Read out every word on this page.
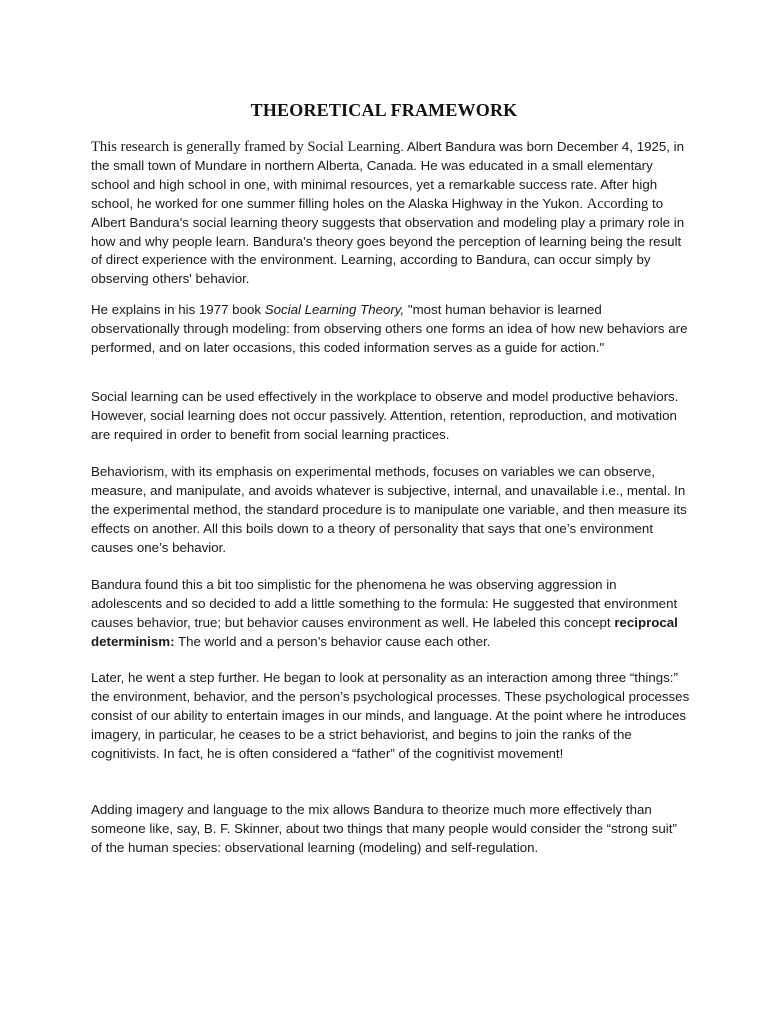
THEORETICAL FRAMEWORK

This research is generally framed by Social Learning. Albert Bandura was born December 4, 1925, in the small town of Mundare in northern Alberta, Canada. He was educated in a small elementary school and high school in one, with minimal resources, yet a remarkable success rate. After high school, he worked for one summer filling holes on the Alaska Highway in the Yukon. According to Albert Bandura's social learning theory suggests that observation and modeling play a primary role in how and why people learn. Bandura's theory goes beyond the perception of learning being the result of direct experience with the environment. Learning, according to Bandura, can occur simply by observing others' behavior.

He explains in his 1977 book Social Learning Theory, "most human behavior is learned observationally through modeling: from observing others one forms an idea of how new behaviors are performed, and on later occasions, this coded information serves as a guide for action."

Social learning can be used effectively in the workplace to observe and model productive behaviors. However, social learning does not occur passively. Attention, retention, reproduction, and motivation are required in order to benefit from social learning practices.

Behaviorism, with its emphasis on experimental methods, focuses on variables we can observe, measure, and manipulate, and avoids whatever is subjective, internal, and unavailable i.e., mental. In the experimental method, the standard procedure is to manipulate one variable, and then measure its effects on another. All this boils down to a theory of personality that says that one’s environment causes one’s behavior.

Bandura found this a bit too simplistic for the phenomena he was observing aggression in adolescents and so decided to add a little something to the formula: He suggested that environment causes behavior, true; but behavior causes environment as well. He labeled this concept reciprocal determinism: The world and a person’s behavior cause each other.

Later, he went a step further. He began to look at personality as an interaction among three “things:” the environment, behavior, and the person’s psychological processes. These psychological processes consist of our ability to entertain images in our minds, and language. At the point where he introduces imagery, in particular, he ceases to be a strict behaviorist, and begins to join the ranks of the cognitivists. In fact, he is often considered a “father” of the cognitivist movement!

Adding imagery and language to the mix allows Bandura to theorize much more effectively than someone like, say, B. F. Skinner, about two things that many people would consider the “strong suit” of the human species: observational learning (modeling) and self-regulation.
